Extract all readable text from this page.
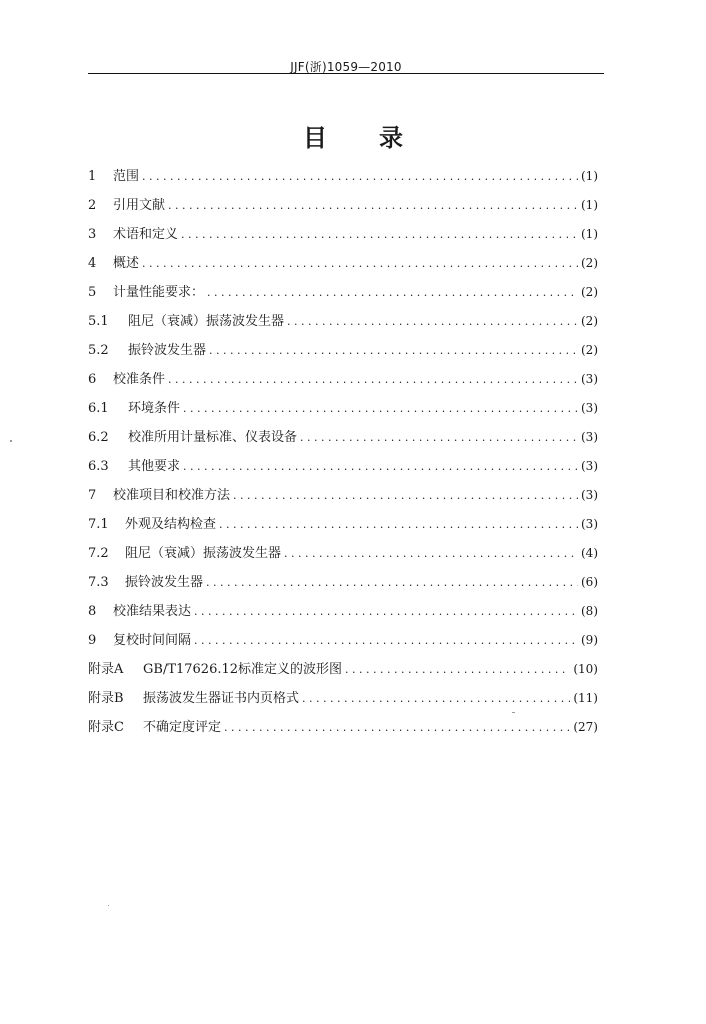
JJF(浙)1059—2010
目录
1	范围 . . .	(1)
2	引用文献 . . .	(1)
3	术语和定义 . . .	(1)
4	概述 . . .	(2)
5	计量性能要求： . . .	(2)
5.1	阻尼（衰减）振荡波发生器 . . .	(2)
5.2	振铃波发生器 . . .	(2)
6	校准条件 . . .	(3)
6.1	环境条件 . . .	(3)
6.2	校准所用计量标准、仪表设备 . . .	(3)
6.3	其他要求 . . .	(3)
7	校准项目和校准方法 . . .	(3)
7.1	外观及结构检查 . . .	(3)
7.2	阻尼（衰减）振荡波发生器 . . .	(4)
7.3	振铃波发生器 . . .	(6)
8	校准结果表达 . . .	(8)
9	复校时间间隔 . . .	(9)
附录A	GB/T17626.12标准定义的波形图 . . .	(10)
附录B	振荡波发生器证书内页格式 . . .	(11)
附录C	不确定度评定 . . .	(27)
